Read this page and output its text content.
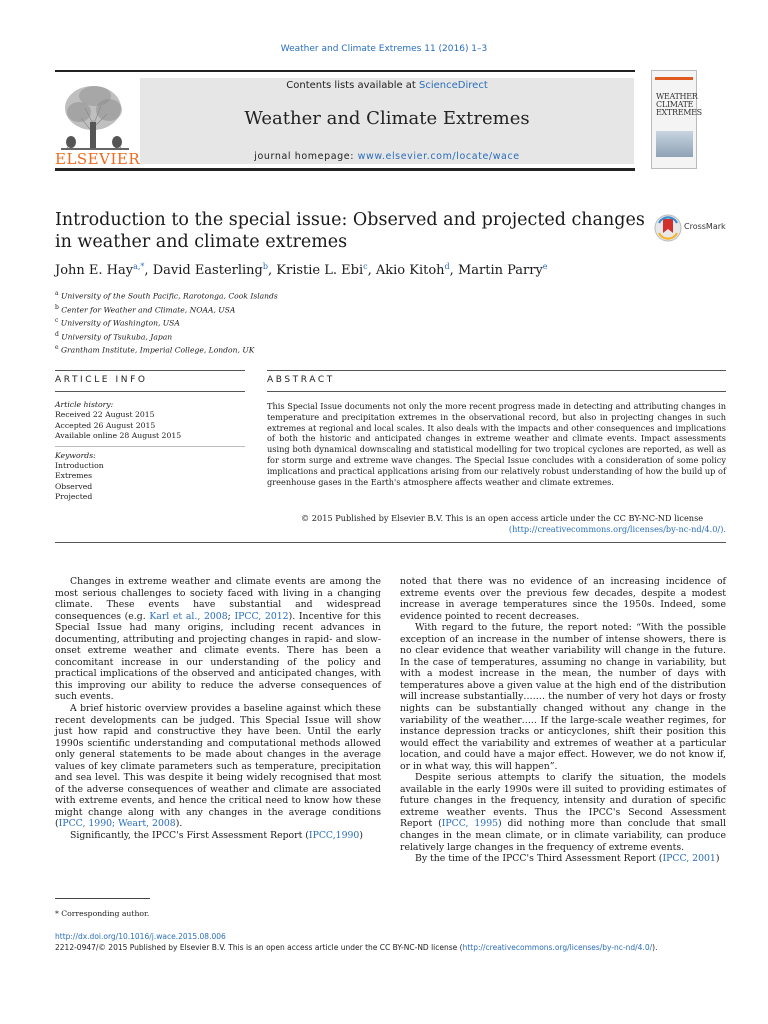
Weather and Climate Extremes 11 (2016) 1–3
ELSEVIER
Contents lists available at ScienceDirect
Weather and Climate Extremes
journal homepage: www.elsevier.com/locate/wace
WEATHER CLIMATE EXTREMES
Introduction to the special issue: Observed and projected changes in weather and climate extremes
CrossMark
John E. Hay$^{a,*}$, David Easterling$^b$, Kristie L. Ebi$^c$, Akio Kitoh$^d$, Martin Parry$^e$
$^a$ University of the South Pacific, Rarotonga, Cook Islands
$^b$ Center for Weather and Climate, NOAA, USA
$^c$ University of Washington, USA
$^d$ University of Tsukuba, Japan
$^e$ Grantham Institute, Imperial College, London, UK
ARTICLE INFO	ABSTRACT
Article history:
Received 22 August 2015
Accepted 26 August 2015
Available online 28 August 2015
Keywords:
Introduction
Extremes
Observed
Projected
This Special Issue documents not only the more recent progress made in detecting and attributing changes in temperature and precipitation extremes in the observational record, but also in projecting changes in such extremes at regional and local scales. It also deals with the impacts and other consequences and implications of both the historic and anticipated changes in extreme weather and climate events. Impact assessments using both dynamical downscaling and statistical modelling for two tropical cyclones are reported, as well as for storm surge and extreme wave changes. The Special Issue concludes with a consideration of some policy implications and practical applications arising from our relatively robust understanding of how the build up of greenhouse gases in the Earth's atmosphere affects weather and climate extremes.
© 2015 Published by Elsevier B.V. This is an open access article under the CC BY-NC-ND license
(http://creativecommons.org/licenses/by-nc-nd/4.0/).

Changes in extreme weather and climate events are among the most serious challenges to society faced with living in a changing climate. These events have substantial and widespread consequences (e.g. Karl et al., 2008; IPCC, 2012). Incentive for this Special Issue had many origins, including recent advances in documenting, attributing and projecting changes in rapid- and slow-onset extreme weather and climate events. There has been a concomitant increase in our understanding of the policy and practical implications of the observed and anticipated changes, with this improving our ability to reduce the adverse consequences of such events.

A brief historic overview provides a baseline against which these recent developments can be judged. This Special Issue will show just how rapid and constructive they have been. Until the early 1990s scientific understanding and computational methods allowed only general statements to be made about changes in the average values of key climate parameters such as temperature, precipitation and sea level. This was despite it being widely recognised that most of the adverse consequences of weather and climate are associated with extreme events, and hence the critical need to know how these might change along with any changes in the average conditions (IPCC, 1990; Weart, 2008).

Significantly, the IPCC's First Assessment Report (IPCC,1990)

noted that there was no evidence of an increasing incidence of extreme events over the previous few decades, despite a modest increase in average temperatures since the 1950s. Indeed, some evidence pointed to recent decreases.

With regard to the future, the report noted: “With the possible exception of an increase in the number of intense showers, there is no clear evidence that weather variability will change in the future. In the case of temperatures, assuming no change in variability, but with a modest increase in the mean, the number of days with temperatures above a given value at the high end of the distribution will increase substantially……. the number of very hot days or frosty nights can be substantially changed without any change in the variability of the weather….. If the large-scale weather regimes, for instance depression tracks or anticyclones, shift their position this would effect the variability and extremes of weather at a particular location, and could have a major effect. However, we do not know if, or in what way, this will happen”.

Despite serious attempts to clarify the situation, the models available in the early 1990s were ill suited to providing estimates of future changes in the frequency, intensity and duration of specific extreme weather events. Thus the IPCC's Second Assessment Report (IPCC, 1995) did nothing more than conclude that small changes in the mean climate, or in climate variability, can produce relatively large changes in the frequency of extreme events.

By the time of the IPCC's Third Assessment Report (IPCC, 2001)

* Corresponding author.
http://dx.doi.org/10.1016/j.wace.2015.08.006
2212-0947/© 2015 Published by Elsevier B.V. This is an open access article under the CC BY-NC-ND license (http://creativecommons.org/licenses/by-nc-nd/4.0/).
